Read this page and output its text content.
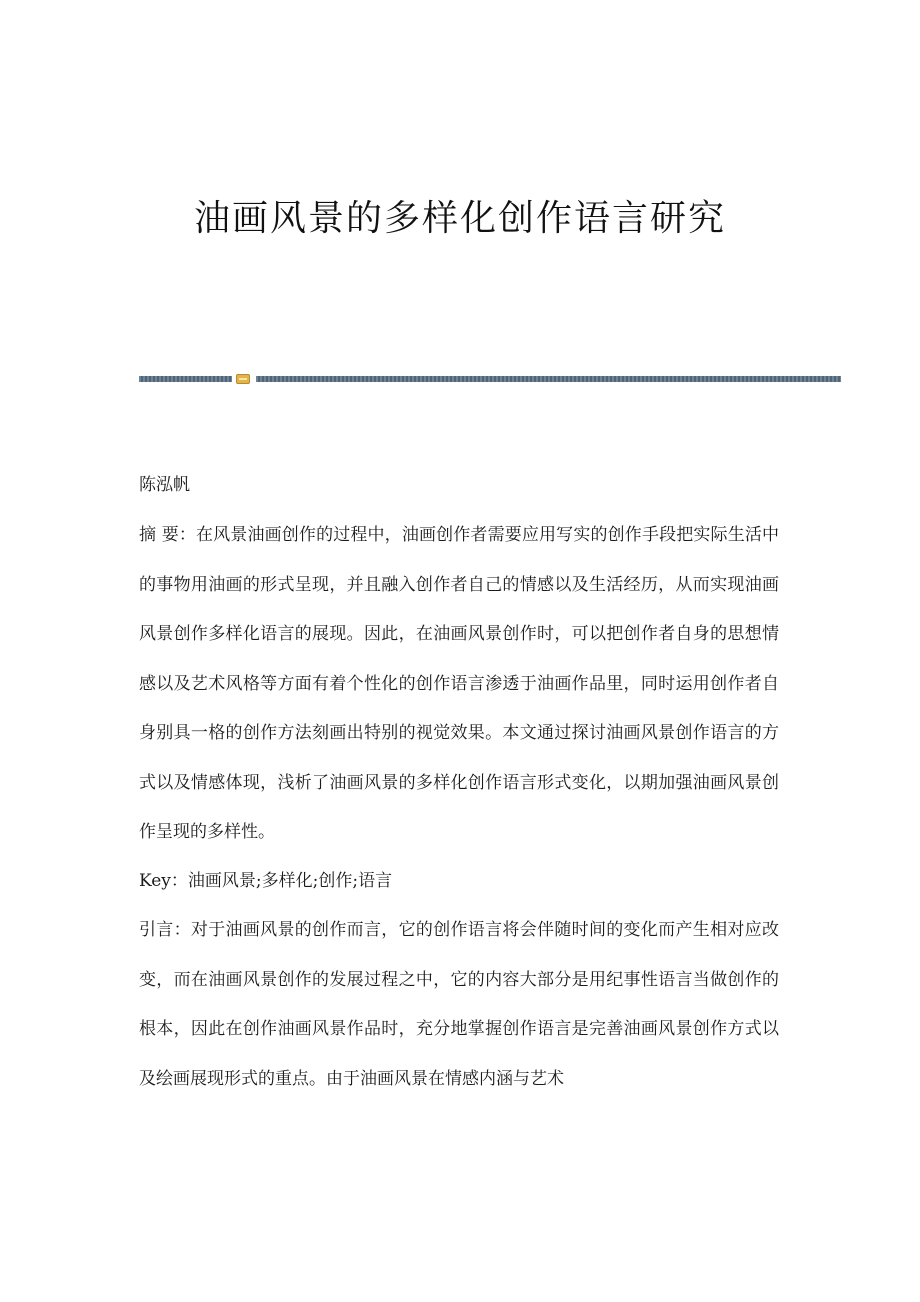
油画风景的多样化创作语言研究

陈泓帆

摘 要：在风景油画创作的过程中，油画创作者需要应用写实的创作手段把实际生活中的事物用油画的形式呈现，并且融入创作者自己的情感以及生活经历，从而实现油画风景创作多样化语言的展现。因此，在油画风景创作时，可以把创作者自身的思想情感以及艺术风格等方面有着个性化的创作语言渗透于油画作品里，同时运用创作者自身别具一格的创作方法刻画出特别的视觉效果。本文通过探讨油画风景创作语言的方式以及情感体现，浅析了油画风景的多样化创作语言形式变化，以期加强油画风景创作呈现的多样性。

Key：油画风景;多样化;创作;语言

引言：对于油画风景的创作而言，它的创作语言将会伴随时间的变化而产生相对应改变，而在油画风景创作的发展过程之中，它的内容大部分是用纪事性语言当做创作的根本，因此在创作油画风景作品时，充分地掌握创作语言是完善油画风景创作方式以及绘画展现形式的重点。由于油画风景在情感内涵与艺术
